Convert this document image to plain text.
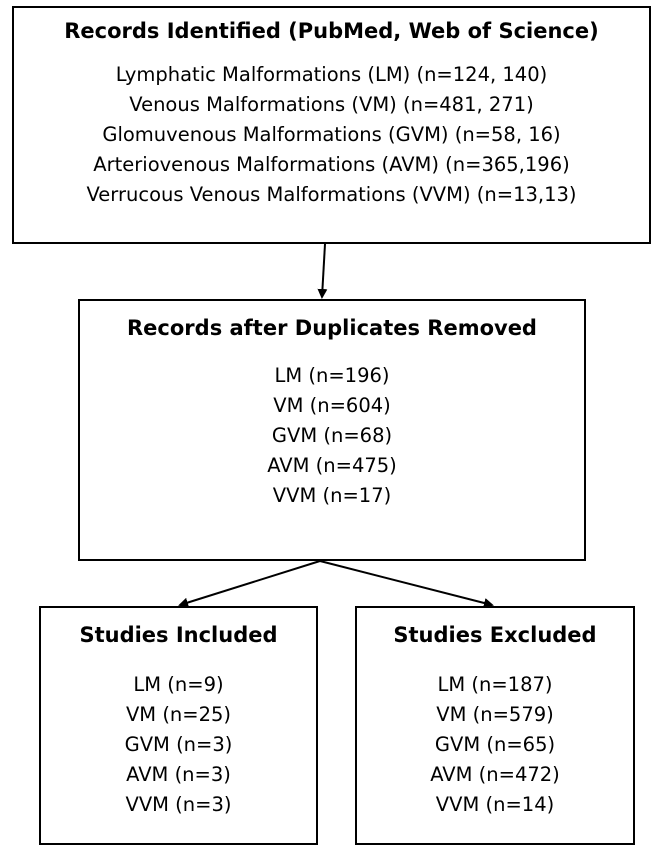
Records Identified (PubMed, Web of Science)
Lymphatic Malformations (LM) (n=124, 140)
Venous Malformations (VM) (n=481, 271)
Glomuvenous Malformations (GVM) (n=58, 16)
Arteriovenous Malformations (AVM) (n=365,196)
Verrucous Venous Malformations (VVM) (n=13,13)
Records after Duplicates Removed
LM (n=196)
VM (n=604)
GVM (n=68)
AVM (n=475)
VVM (n=17)
Studies Included
LM (n=9)
VM (n=25)
GVM (n=3)
AVM (n=3)
VVM (n=3)
Studies Excluded
LM (n=187)
VM (n=579)
GVM (n=65)
AVM (n=472)
VVM (n=14)
